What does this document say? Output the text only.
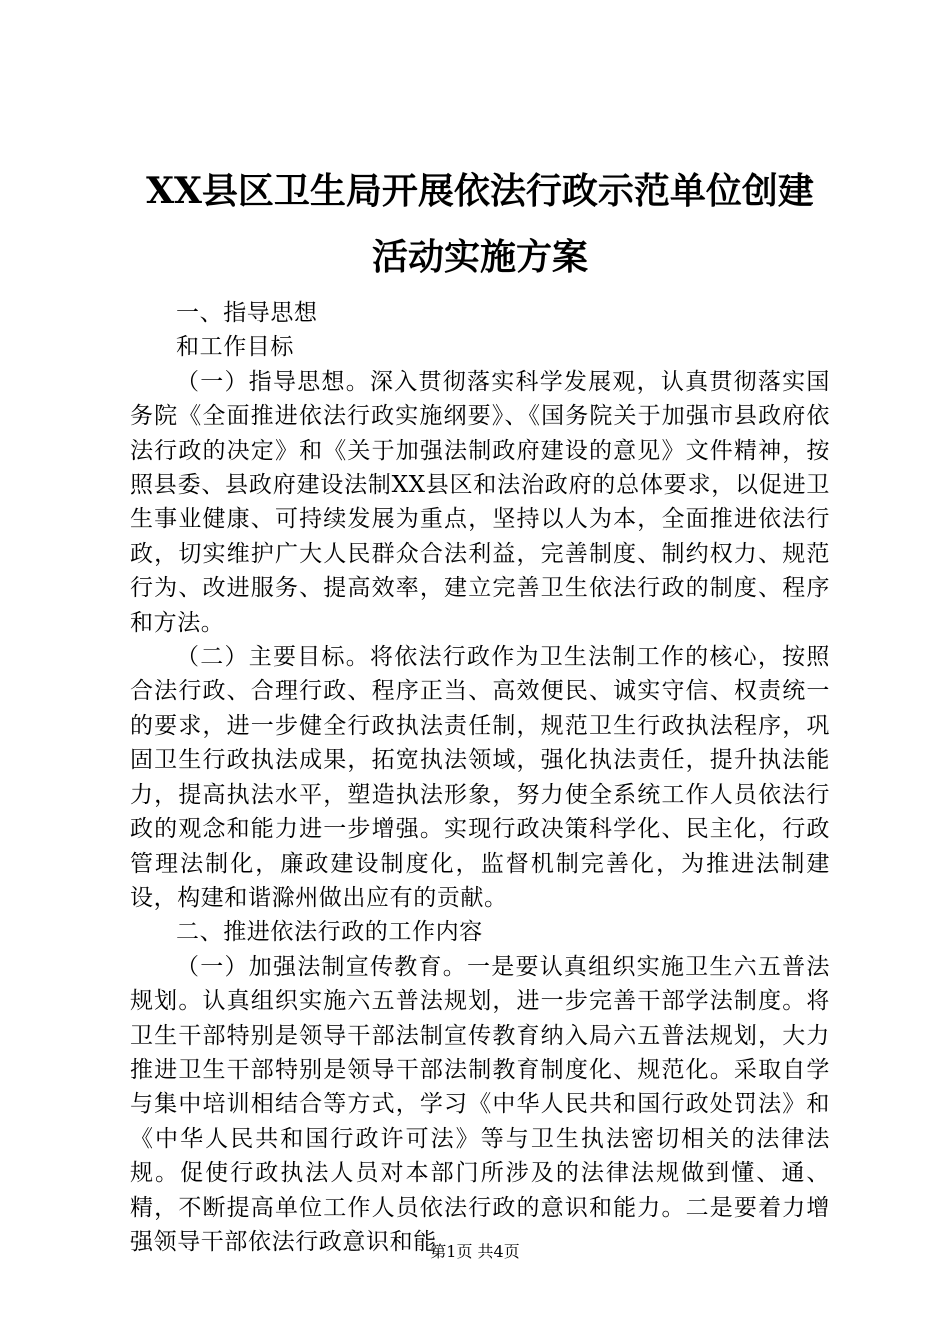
XX县区卫生局开展依法行政示范单位创建活动实施方案

一、指导思想

和工作目标

（一）指导思想。深入贯彻落实科学发展观，认真贯彻落实国务院《全面推进依法行政实施纲要》、《国务院关于加强市县政府依法行政的决定》和《关于加强法制政府建设的意见》文件精神，按照县委、县政府建设法制XX县区和法治政府的总体要求，以促进卫生事业健康、可持续发展为重点，坚持以人为本，全面推进依法行政，切实维护广大人民群众合法利益，完善制度、制约权力、规范行为、改进服务、提高效率，建立完善卫生依法行政的制度、程序和方法。

（二）主要目标。将依法行政作为卫生法制工作的核心，按照合法行政、合理行政、程序正当、高效便民、诚实守信、权责统一的要求，进一步健全行政执法责任制，规范卫生行政执法程序，巩固卫生行政执法成果，拓宽执法领域，强化执法责任，提升执法能力，提高执法水平，塑造执法形象，努力使全系统工作人员依法行政的观念和能力进一步增强。实现行政决策科学化、民主化，行政管理法制化，廉政建设制度化，监督机制完善化，为推进法制建设，构建和谐滁州做出应有的贡献。

二、推进依法行政的工作内容

（一）加强法制宣传教育。一是要认真组织实施卫生六五普法规划。认真组织实施六五普法规划，进一步完善干部学法制度。将卫生干部特别是领导干部法制宣传教育纳入局六五普法规划，大力推进卫生干部特别是领导干部法制教育制度化、规范化。采取自学与集中培训相结合等方式，学习《中华人民共和国行政处罚法》和《中华人民共和国行政许可法》等与卫生执法密切相关的法律法规。促使行政执法人员对本部门所涉及的法律法规做到懂、通、精，不断提高单位工作人员依法行政的意识和能力。二是要着力增强领导干部依法行政意识和能

第1页 共4页
